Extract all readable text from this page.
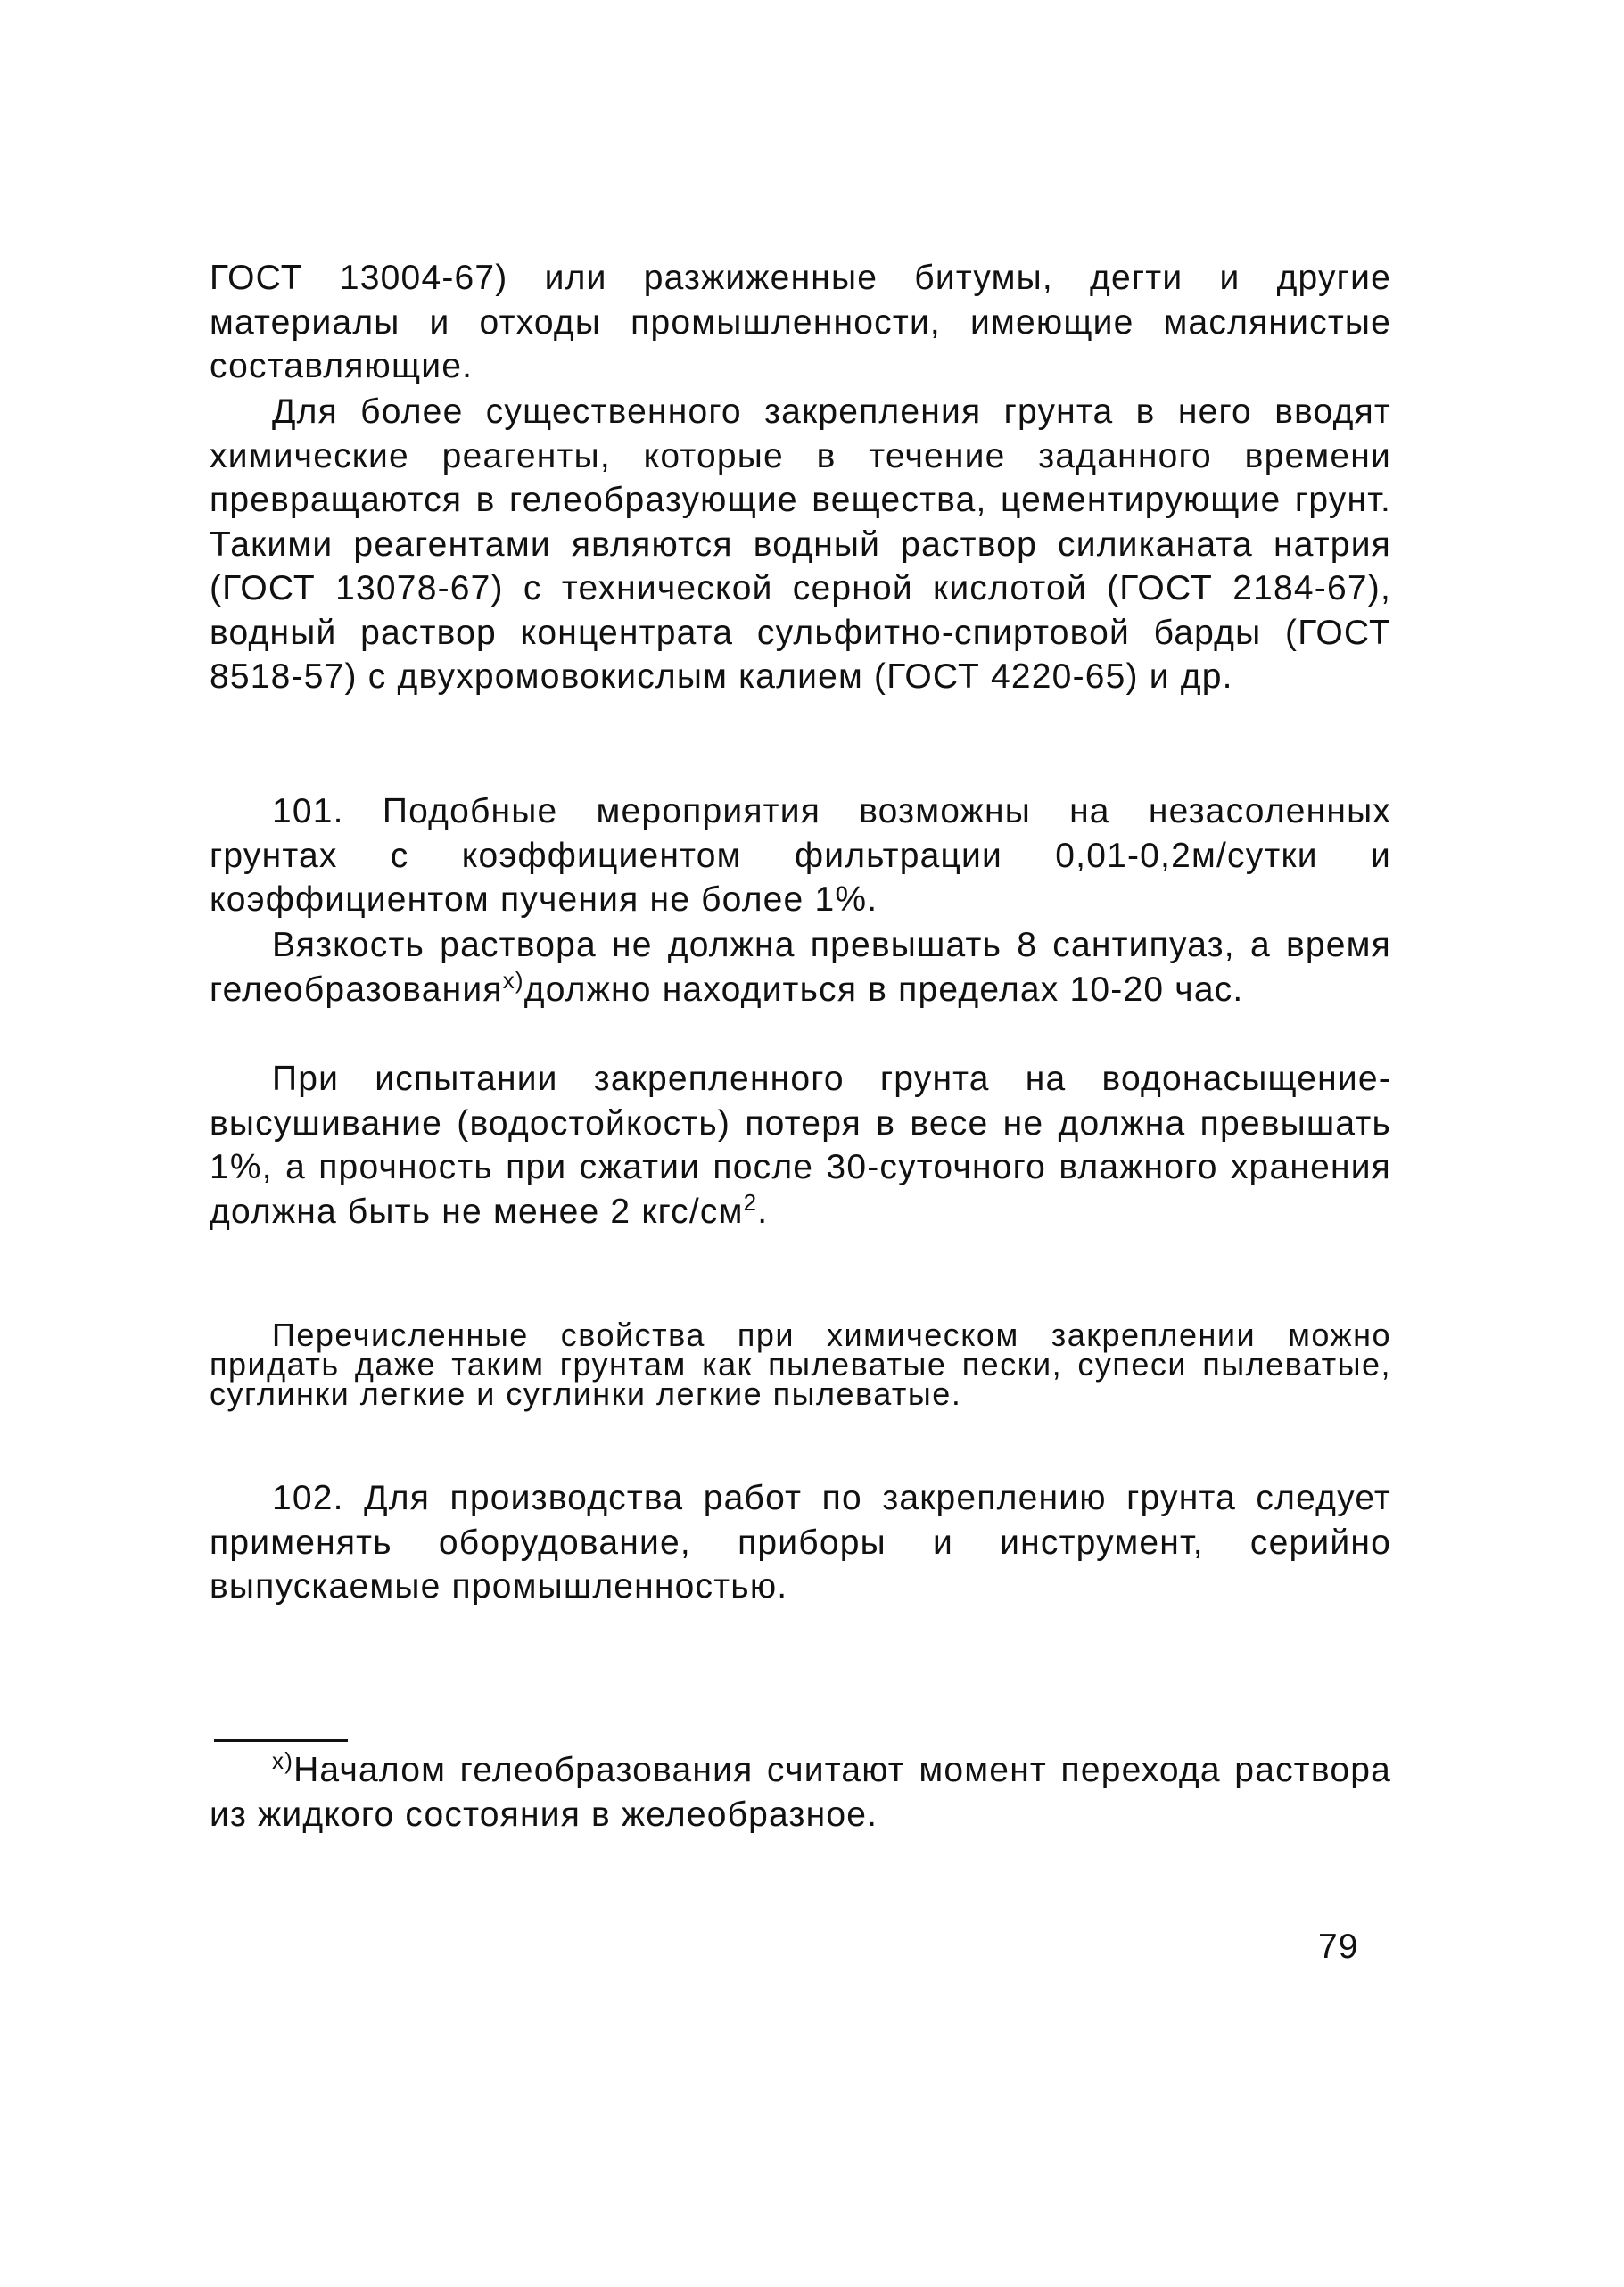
ГОСТ 13004-67) или разжиженные битумы, дегти и другие материалы и отходы промышленности, имеющие маслянистые составляющие.

Для более существенного закрепления грунта в него вводят химические реагенты, которые в течение заданного времени превращаются в гелеобразующие вещества, цементирующие грунт. Такими реагентами являются водный раствор силиканата натрия (ГОСТ 13078-67) с технической серной кислотой (ГОСТ 2184-67), водный раствор концентрата сульфитно-спиртовой барды (ГОСТ 8518-57) с двухромовокислым калием (ГОСТ 4220-65) и др.

101. Подобные мероприятия возможны на незасоленных грунтах с коэффициентом фильтрации 0,01-0,2м/сутки и коэффициентом пучения не более 1%.

Вязкость раствора не должна превышать 8 сантипуаз, а время гелеобразования$^{х)}$должно находиться в пределах 10-20 час.

При испытании закрепленного грунта на водонасыщение-высушивание (водостойкость) потеря в весе не должна превышать 1%, а прочность при сжатии после 30-суточного влажного хранения должна быть не менее 2 кгс/$см^2$.

Перечисленные свойства при химическом закреплении можно придать даже таким грунтам как пылеватые пески, супеси пылеватые, суглинки легкие и суглинки легкие пылеватые.

102. Для производства работ по закреплению грунта следует применять оборудование, приборы и инструмент, серийно выпускаемые промышленностью.

$^{х)}$Началом гелеобразования считают момент перехода раствора из жидкого состояния в желеобразное.

79
